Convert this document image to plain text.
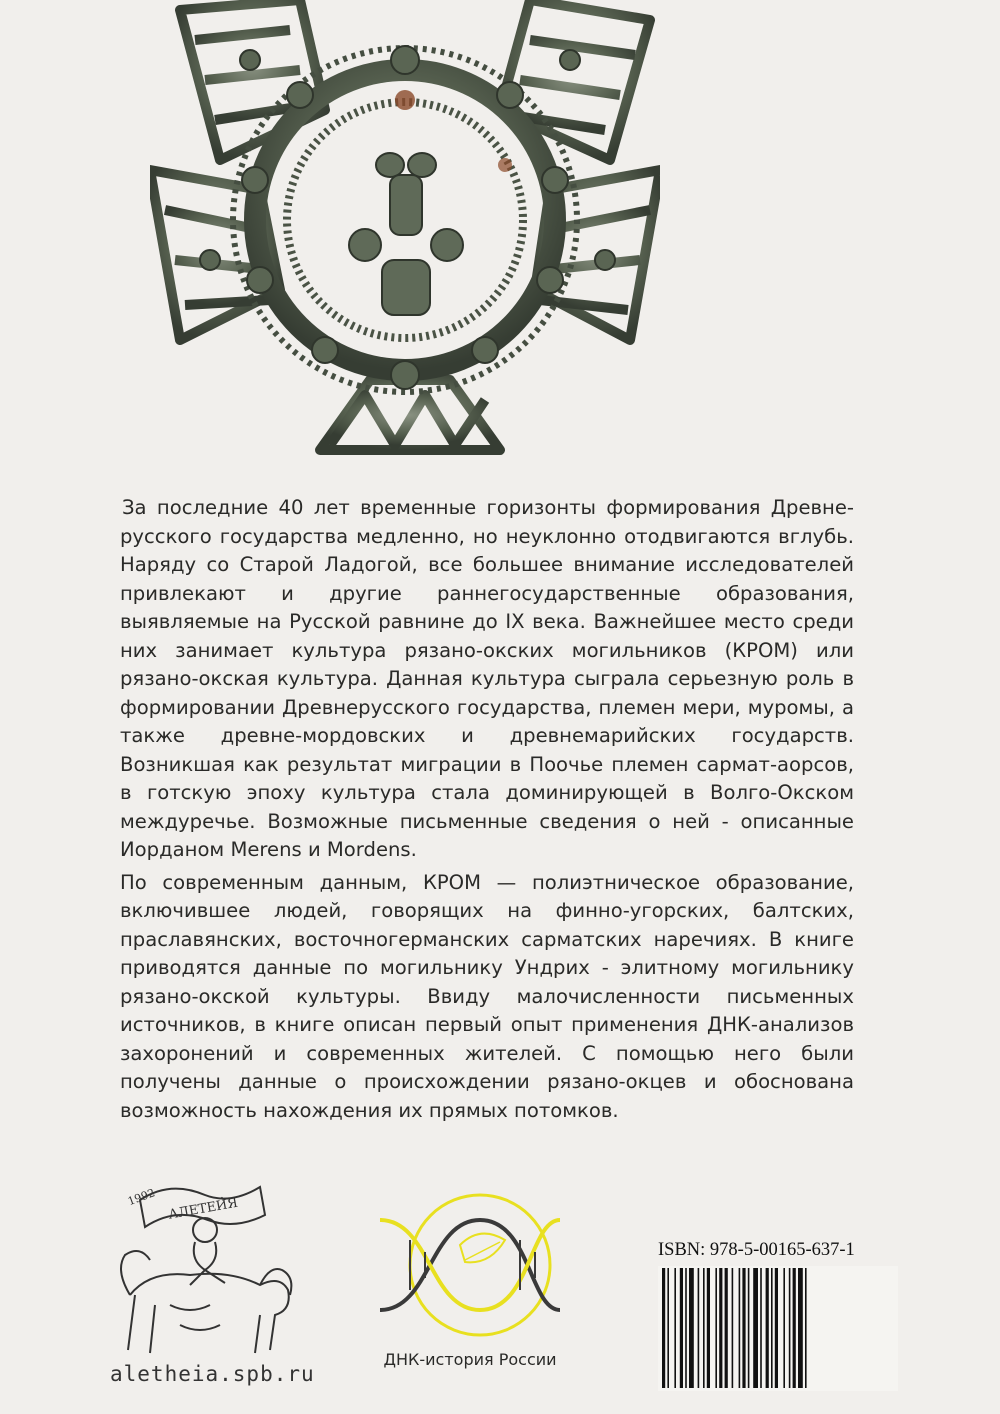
За последние 40 лет временные горизонты формирования Древне-русского государства медленно, но неуклонно отодвигаются вглубь. Наряду со Старой Ладогой, все большее внимание исследователей привлекают и другие раннегосударственные образования, выявляемые на Русской равнине до IX века. Важнейшее место среди них занимает культура рязано-окских могильников (КРОМ) или рязано-окская культура. Данная культура сыграла серьезную роль в формировании Древнерусского государства, племен мери, муромы, а также древне-мордовских и древнемарийских государств. Возникшая как результат миграции в Поочье племен сармат-аорсов, в готскую эпоху культура стала доминирующей в Волго-Окском междуречье. Возможные письменные сведения о ней - описанные Иорданом Merens и Mordens.

По современным данным, КРОМ — полиэтническое образование, включившее людей, говорящих на финно-угорских, балтских, праславянских, восточногерманских сарматских наречиях. В книге приводятся данные по могильнику Ундрих - элитному могильнику рязано-окской культуры. Ввиду малочисленности письменных источников, в книге описан первый опыт применения ДНК-анализов захоронений и современных жителей. С помощью него были получены данные о происхождении рязано-окцев и обоснована возможность нахождения их прямых потомков.

АЛЕТЕЙЯ
1992
aletheia.spb.ru
ДНК-история России
ISBN: 978-5-00165-637-1
